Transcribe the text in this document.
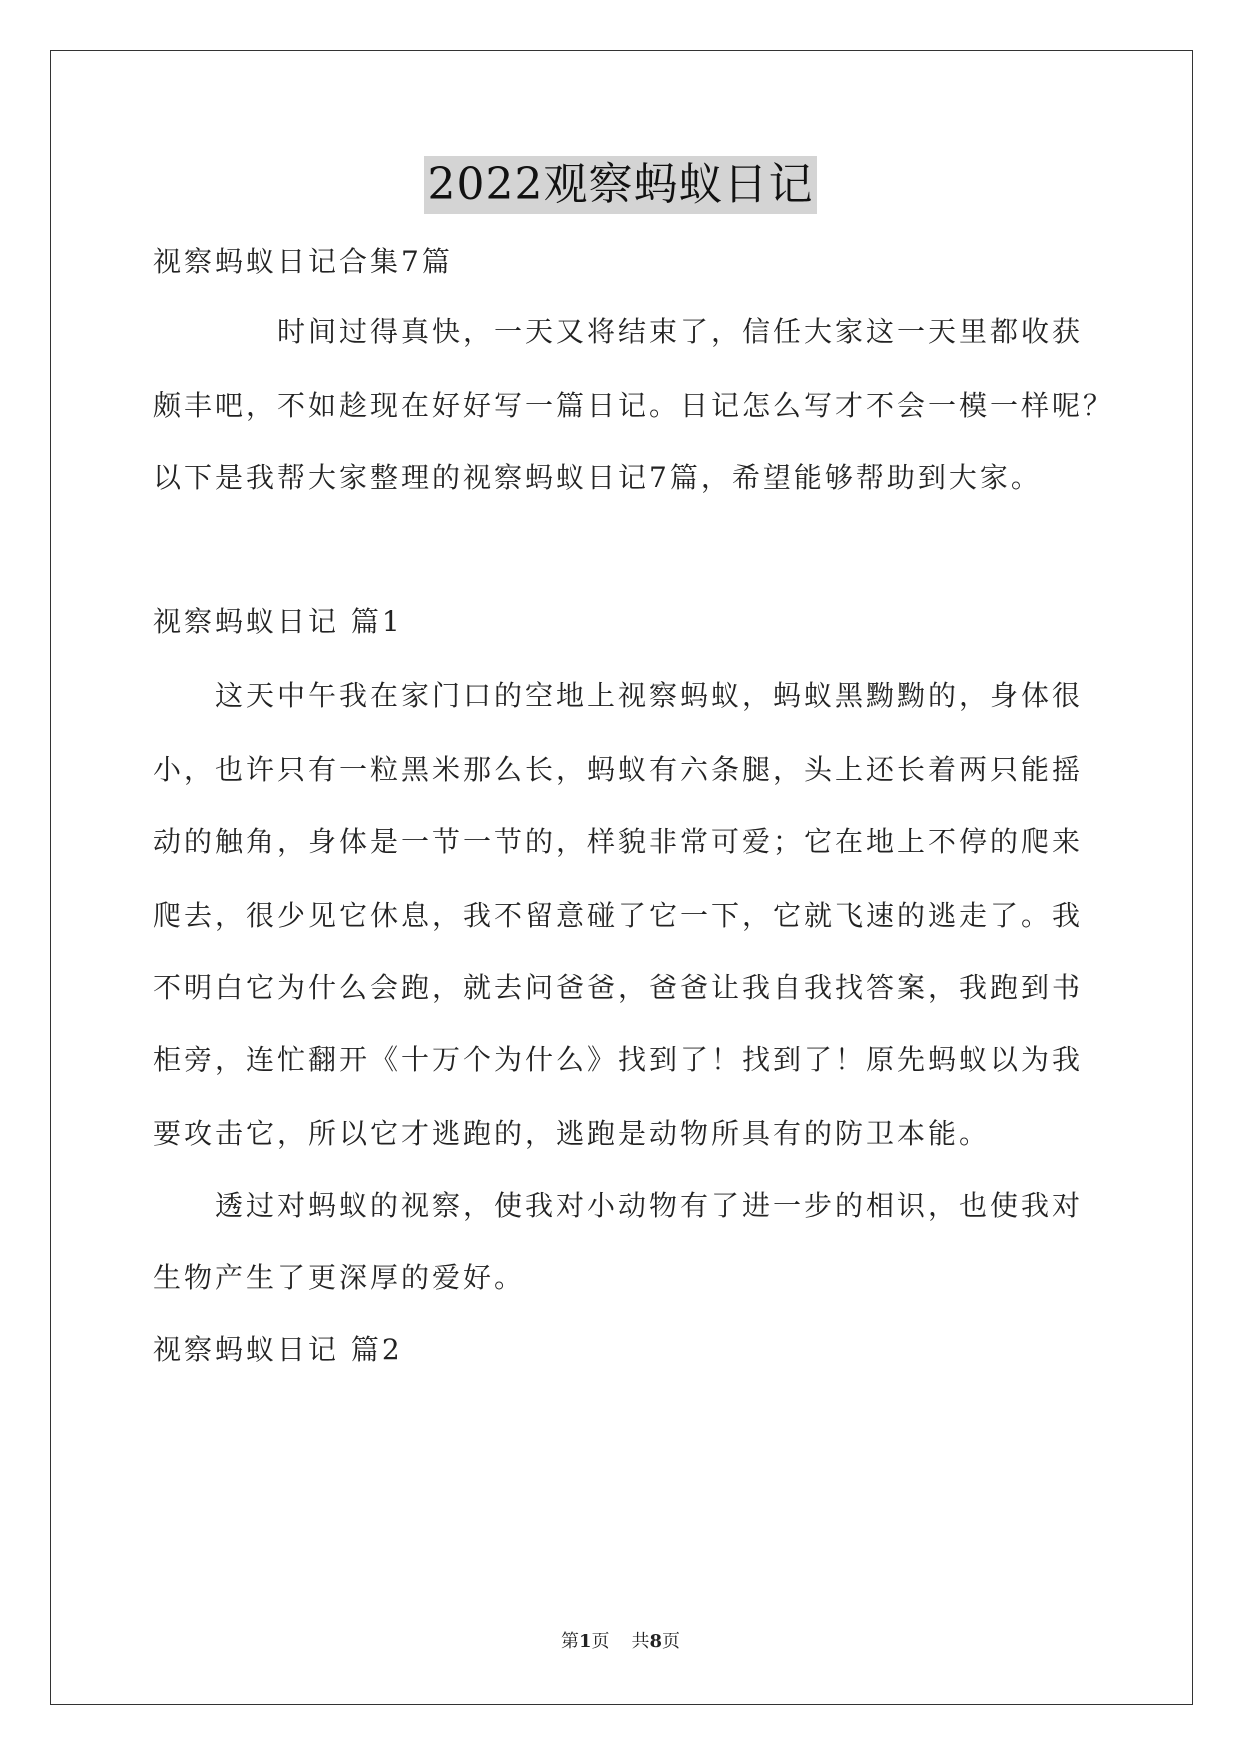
2022观察蚂蚁日记
视察蚂蚁日记合集7篇
时间过得真快，一天又将结束了，信任大家这一天里都收获
颇丰吧，不如趁现在好好写一篇日记。日记怎么写才不会一模一样呢？
以下是我帮大家整理的视察蚂蚁日记7篇，希望能够帮助到大家。
视察蚂蚁日记 篇1
这天中午我在家门口的空地上视察蚂蚁，蚂蚁黑黝黝的，身体很
小，也许只有一粒黑米那么长，蚂蚁有六条腿，头上还长着两只能摇
动的触角，身体是一节一节的，样貌非常可爱；它在地上不停的爬来
爬去，很少见它休息，我不留意碰了它一下，它就飞速的逃走了。我
不明白它为什么会跑，就去问爸爸，爸爸让我自我找答案，我跑到书
柜旁，连忙翻开《十万个为什么》找到了！找到了！原先蚂蚁以为我
要攻击它，所以它才逃跑的，逃跑是动物所具有的防卫本能。
透过对蚂蚁的视察，使我对小动物有了进一步的相识，也使我对
生物产生了更深厚的爱好。
视察蚂蚁日记 篇2
第1页 共8页
